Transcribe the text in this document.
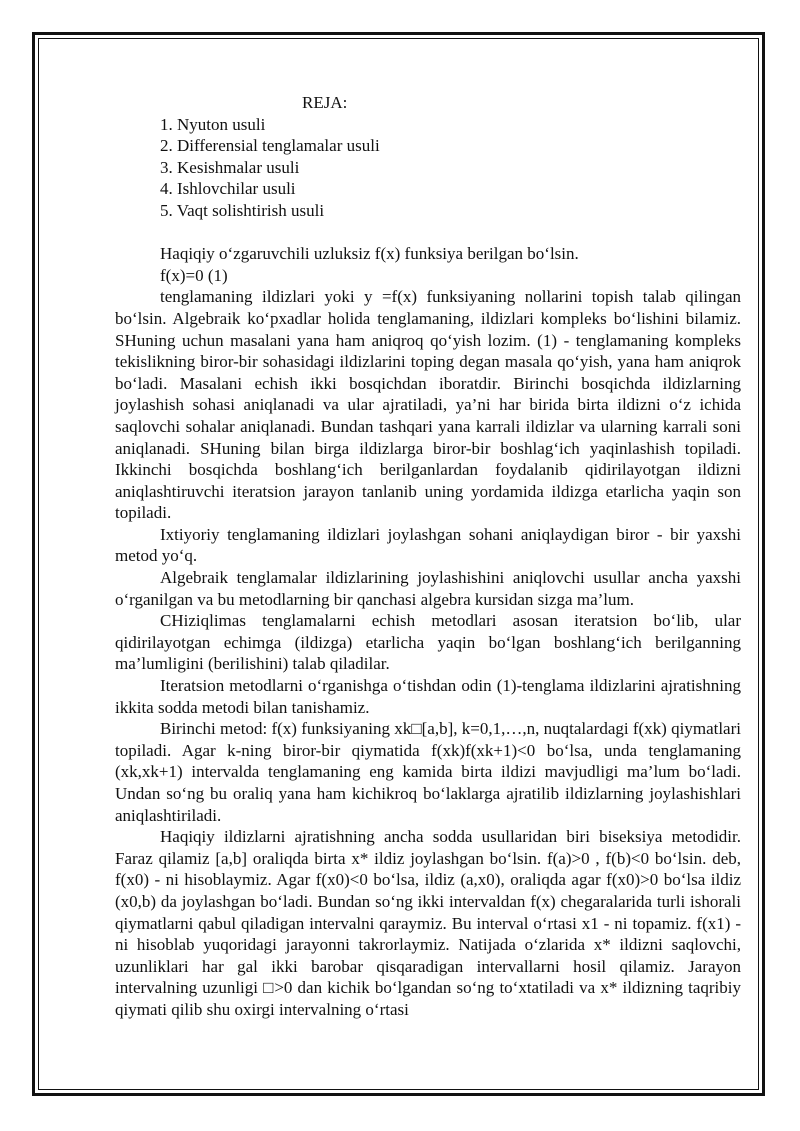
REJA:

1. Nyuton usuli
2. Differensial tenglamalar usuli
3. Kesishmalar usuli
4. Ishlovchilar usuli
5. Vaqt solishtirish usuli

Haqiqiy o‘zgaruvchili uzluksiz f(x) funksiya berilgan bo‘lsin.

f(x)=0 (1)

tenglamaning ildizlari yoki y =f(x) funksiyaning nollarini topish talab qilingan bo‘lsin. Algebraik ko‘pxadlar holida tenglamaning, ildizlari kompleks bo‘lishini bilamiz. SHuning uchun masalani yana ham aniqroq qo‘yish lozim. (1) - tenglamaning kompleks tekislikning biror-bir sohasidagi ildizlarini toping degan masala qo‘yish, yana ham aniqrok bo‘ladi. Masalani echish ikki bosqichdan iboratdir. Birinchi bosqichda ildizlarning joylashish sohasi aniqlanadi va ular ajratiladi, ya’ni har birida birta ildizni o‘z ichida saqlovchi sohalar aniqlanadi. Bundan tashqari yana karrali ildizlar va ularning karrali soni aniqlanadi. SHuning bilan birga ildizlarga biror-bir boshlag‘ich yaqinlashish topiladi. Ikkinchi bosqichda boshlang‘ich berilganlardan foydalanib qidirilayotgan ildizni aniqlashtiruvchi iteratsion jarayon tanlanib uning yordamida ildizga etarlicha yaqin son topiladi.

Ixtiyoriy tenglamaning ildizlari joylashgan sohani aniqlaydigan biror - bir yaxshi metod yo‘q.

Algebraik tenglamalar ildizlarining joylashishini aniqlovchi usullar ancha yaxshi o‘rganilgan va bu metodlarning bir qanchasi algebra kursidan sizga ma’lum.

CHiziqlimas tenglamalarni echish metodlari asosan iteratsion bo‘lib, ular qidirilayotgan echimga (ildizga) etarlicha yaqin bo‘lgan boshlang‘ich berilganning ma’lumligini (berilishini) talab qiladilar.

Iteratsion metodlarni o‘rganishga o‘tishdan odin (1)-tenglama ildizlarini ajratishning ikkita sodda metodi bilan tanishamiz.

Birinchi metod: f(x) funksiyaning xk□[a,b], k=0,1,…,n, nuqtalardagi f(xk) qiymatlari topiladi. Agar k-ning biror-bir qiymatida f(xk)f(xk+1)<0 bo‘lsa, unda tenglamaning (xk,xk+1) intervalda tenglamaning eng kamida birta ildizi mavjudligi ma’lum bo‘ladi. Undan so‘ng bu oraliq yana ham kichikroq bo‘laklarga ajratilib ildizlarning joylashishlari aniqlashtiriladi.

Haqiqiy ildizlarni ajratishning ancha sodda usullaridan biri biseksiya metodidir. Faraz qilamiz [a,b] oraliqda birta x* ildiz joylashgan bo‘lsin. f(a)>0 , f(b)<0 bo‘lsin. deb, f(x0) - ni hisoblaymiz. Agar f(x0)<0 bo‘lsa, ildiz (a,x0), oraliqda agar f(x0)>0 bo‘lsa ildiz (x0,b) da joylashgan bo‘ladi. Bundan so‘ng ikki intervaldan f(x) chegaralarida turli ishorali qiymatlarni qabul qiladigan intervalni qaraymiz. Bu interval o‘rtasi x1 - ni topamiz. f(x1) - ni hisoblab yuqoridagi jarayonni takrorlaymiz. Natijada o‘zlarida x* ildizni saqlovchi, uzunliklari har gal ikki barobar qisqaradigan intervallarni hosil qilamiz. Jarayon intervalning uzunligi □>0 dan kichik bo‘lgandan so‘ng to‘xtatiladi va x* ildizning taqribiy qiymati qilib shu oxirgi intervalning o‘rtasi
